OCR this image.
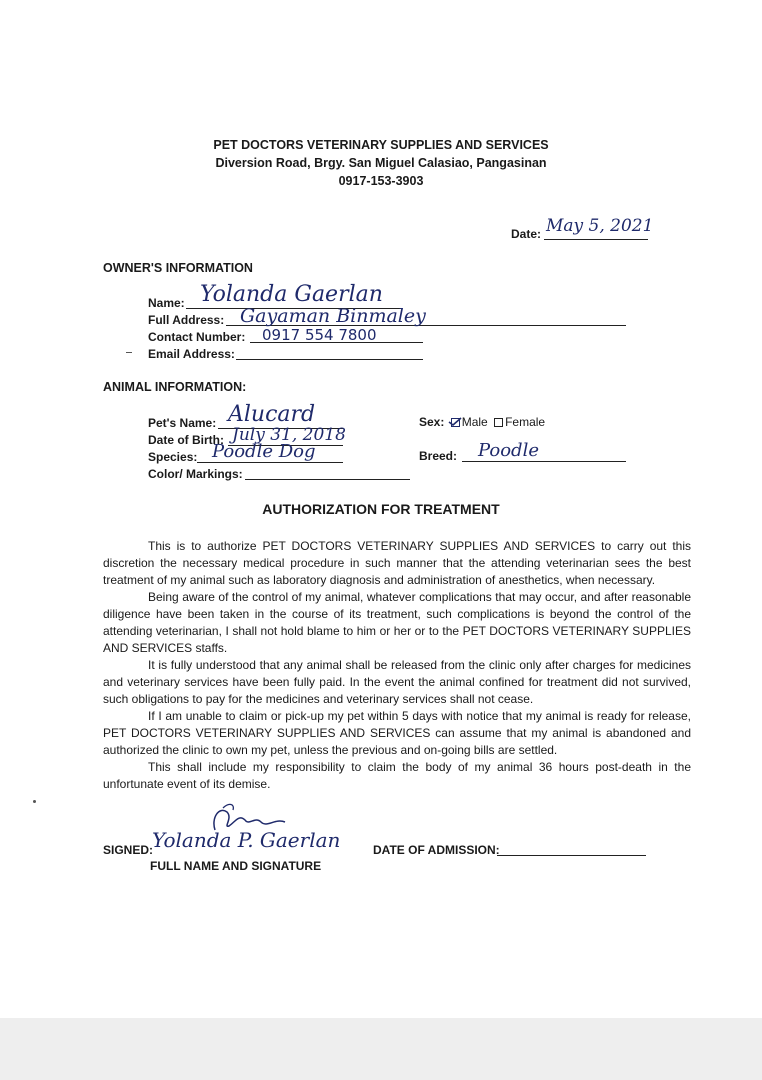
PET DOCTORS VETERINARY SUPPLIES AND SERVICES
Diversion Road, Brgy. San Miguel Calasiao, Pangasinan
0917-153-3903
Date: May 5, 2021
OWNER'S INFORMATION
Name: Yolanda Gaerlan
Full Address: Gayaman Binmaley
Contact Number: 0917 554 7800
Email Address:
ANIMAL INFORMATION:
Pet's Name: Alucard
Date of Birth: July 31, 2018
Species: Poodle Dog
Color/ Markings:
Sex: Male Female
Breed: Poodle
AUTHORIZATION FOR TREATMENT

This is to authorize PET DOCTORS VETERINARY SUPPLIES AND SERVICES to carry out this discretion the necessary medical procedure in such manner that the attending veterinarian sees the best treatment of my animal such as laboratory diagnosis and administration of anesthetics, when necessary.

Being aware of the control of my animal, whatever complications that may occur, and after reasonable diligence have been taken in the course of its treatment, such complications is beyond the control of the attending veterinarian, I shall not hold blame to him or her or to the PET DOCTORS VETERINARY SUPPLIES AND SERVICES staffs.

It is fully understood that any animal shall be released from the clinic only after charges for medicines and veterinary services have been fully paid. In the event the animal confined for treatment did not survived, such obligations to pay for the medicines and veterinary services shall not cease.

If I am unable to claim or pick-up my pet within 5 days with notice that my animal is ready for release, PET DOCTORS VETERINARY SUPPLIES AND SERVICES can assume that my animal is abandoned and authorized the clinic to own my pet, unless the previous and on-going bills are settled.

This shall include my responsibility to claim the body of my animal 36 hours post-death in the unfortunate event of its demise.

SIGNED:
Yolanda P. Gaerlan
FULL NAME AND SIGNATURE
DATE OF ADMISSION:
